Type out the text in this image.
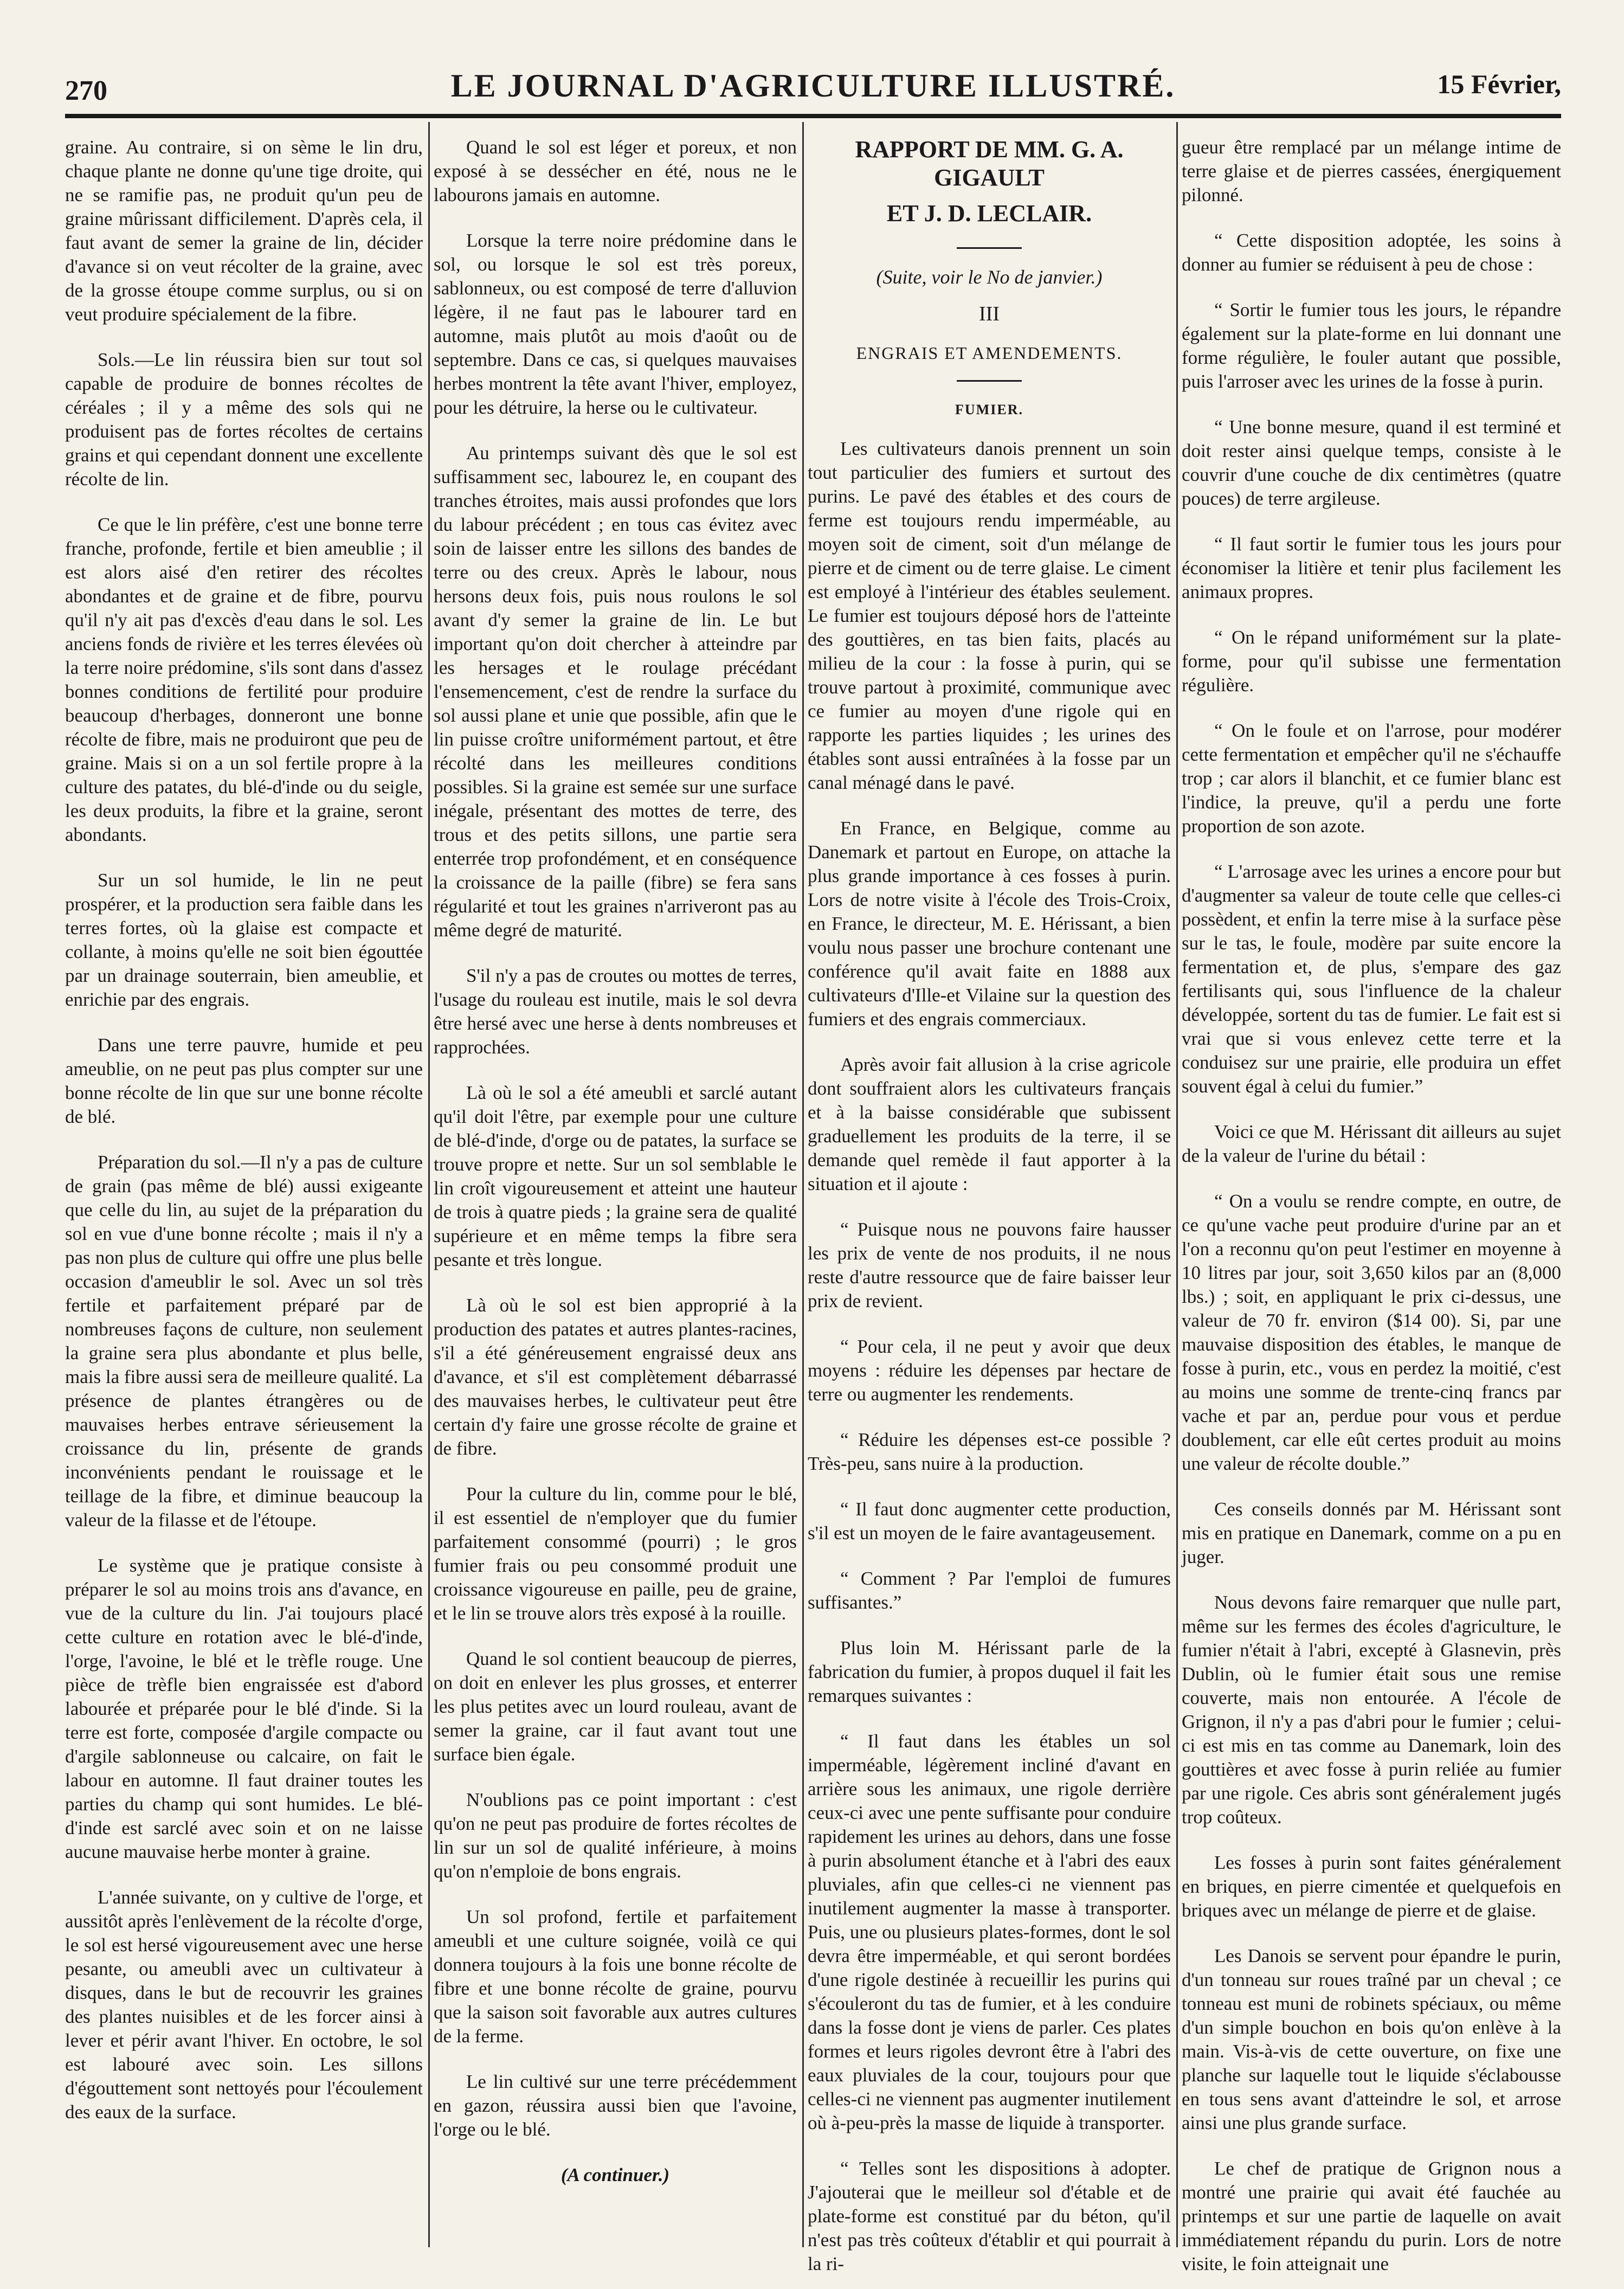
270	LE JOURNAL D'AGRICULTURE ILLUSTRÉ.	15 Février,

graine. Au contraire, si on sème le lin dru, chaque plante ne donne qu'une tige droite, qui ne se ramifie pas, ne produit qu'un peu de graine mûrissant difficilement. D'après cela, il faut avant de semer la graine de lin, décider d'avance si on veut récolter de la graine, avec de la grosse étoupe comme surplus, ou si on veut produire spécialement de la fibre.

Sols.—Le lin réussira bien sur tout sol capable de produire de bonnes récoltes de céréales ; il y a même des sols qui ne produisent pas de fortes récoltes de certains grains et qui cependant donnent une excellente récolte de lin.

Ce que le lin préfère, c'est une bonne terre franche, profonde, fertile et bien ameublie ; il est alors aisé d'en retirer des récoltes abondantes et de graine et de fibre, pourvu qu'il n'y ait pas d'excès d'eau dans le sol. Les anciens fonds de rivière et les terres élevées où la terre noire prédomine, s'ils sont dans d'assez bonnes conditions de fertilité pour produire beaucoup d'herbages, donneront une bonne récolte de fibre, mais ne produiront que peu de graine. Mais si on a un sol fertile propre à la culture des patates, du blé-d'inde ou du seigle, les deux produits, la fibre et la graine, seront abondants.

Sur un sol humide, le lin ne peut prospérer, et la production sera faible dans les terres fortes, où la glaise est compacte et collante, à moins qu'elle ne soit bien égouttée par un drainage souterrain, bien ameublie, et enrichie par des engrais.

Dans une terre pauvre, humide et peu ameublie, on ne peut pas plus compter sur une bonne récolte de lin que sur une bonne récolte de blé.

Préparation du sol.—Il n'y a pas de culture de grain (pas même de blé) aussi exigeante que celle du lin, au sujet de la préparation du sol en vue d'une bonne récolte ; mais il n'y a pas non plus de culture qui offre une plus belle occasion d'ameublir le sol. Avec un sol très fertile et parfaitement préparé par de nombreuses façons de culture, non seulement la graine sera plus abondante et plus belle, mais la fibre aussi sera de meilleure qualité. La présence de plantes étrangères ou de mauvaises herbes entrave sérieusement la croissance du lin, présente de grands inconvénients pendant le rouissage et le teillage de la fibre, et diminue beaucoup la valeur de la filasse et de l'étoupe.

Le système que je pratique consiste à préparer le sol au moins trois ans d'avance, en vue de la culture du lin. J'ai toujours placé cette culture en rotation avec le blé-d'inde, l'orge, l'avoine, le blé et le trèfle rouge. Une pièce de trèfle bien engraissée est d'abord labourée et préparée pour le blé d'inde. Si la terre est forte, composée d'argile compacte ou d'argile sablonneuse ou calcaire, on fait le labour en automne. Il faut drainer toutes les parties du champ qui sont humides. Le blé-d'inde est sarclé avec soin et on ne laisse aucune mauvaise herbe monter à graine.

L'année suivante, on y cultive de l'orge, et aussitôt après l'enlèvement de la récolte d'orge, le sol est hersé vigoureusement avec une herse pesante, ou ameubli avec un cultivateur à disques, dans le but de recouvrir les graines des plantes nuisibles et de les forcer ainsi à lever et périr avant l'hiver. En octobre, le sol est labouré avec soin. Les sillons d'égouttement sont nettoyés pour l'écoulement des eaux de la surface.

Quand le sol est léger et poreux, et non exposé à se dessécher en été, nous ne le labourons jamais en automne.

Lorsque la terre noire prédomine dans le sol, ou lorsque le sol est très poreux, sablonneux, ou est composé de terre d'alluvion légère, il ne faut pas le labourer tard en automne, mais plutôt au mois d'août ou de septembre. Dans ce cas, si quelques mauvaises herbes montrent la tête avant l'hiver, employez, pour les détruire, la herse ou le cultivateur.

Au printemps suivant dès que le sol est suffisamment sec, labourez le, en coupant des tranches étroites, mais aussi profondes que lors du labour précédent ; en tous cas évitez avec soin de laisser entre les sillons des bandes de terre ou des creux. Après le labour, nous hersons deux fois, puis nous roulons le sol avant d'y semer la graine de lin. Le but important qu'on doit chercher à atteindre par les hersages et le roulage précédant l'ensemencement, c'est de rendre la surface du sol aussi plane et unie que possible, afin que le lin puisse croître uniformément partout, et être récolté dans les meilleures conditions possibles. Si la graine est semée sur une surface inégale, présentant des mottes de terre, des trous et des petits sillons, une partie sera enterrée trop profondément, et en conséquence la croissance de la paille (fibre) se fera sans régularité et tout les graines n'arriveront pas au même degré de maturité.

S'il n'y a pas de croutes ou mottes de terres, l'usage du rouleau est inutile, mais le sol devra être hersé avec une herse à dents nombreuses et rapprochées.

Là où le sol a été ameubli et sarclé autant qu'il doit l'être, par exemple pour une culture de blé-d'inde, d'orge ou de patates, la surface se trouve propre et nette. Sur un sol semblable le lin croît vigoureusement et atteint une hauteur de trois à quatre pieds ; la graine sera de qualité supérieure et en même temps la fibre sera pesante et très longue.

Là où le sol est bien approprié à la production des patates et autres plantes-racines, s'il a été généreusement engraissé deux ans d'avance, et s'il est complètement débarrassé des mauvaises herbes, le cultivateur peut être certain d'y faire une grosse récolte de graine et de fibre.

Pour la culture du lin, comme pour le blé, il est essentiel de n'employer que du fumier parfaitement consommé (pourri) ; le gros fumier frais ou peu consommé produit une croissance vigoureuse en paille, peu de graine, et le lin se trouve alors très exposé à la rouille.

Quand le sol contient beaucoup de pierres, on doit en enlever les plus grosses, et enterrer les plus petites avec un lourd rouleau, avant de semer la graine, car il faut avant tout une surface bien égale.

N'oublions pas ce point important : c'est qu'on ne peut pas produire de fortes récoltes de lin sur un sol de qualité inférieure, à moins qu'on n'emploie de bons engrais.

Un sol profond, fertile et parfaitement ameubli et une culture soignée, voilà ce qui donnera toujours à la fois une bonne récolte de fibre et une bonne récolte de graine, pourvu que la saison soit favorable aux autres cultures de la ferme.

Le lin cultivé sur une terre précédemment en gazon, réussira aussi bien que l'avoine, l'orge ou le blé.

(A continuer.)
RAPPORT DE MM. G. A. GIGAULT
ET J. D. LECLAIR.
(Suite, voir le No de janvier.)
III
ENGRAIS ET AMENDEMENTS.
FUMIER.

Les cultivateurs danois prennent un soin tout particulier des fumiers et surtout des purins. Le pavé des étables et des cours de ferme est toujours rendu imperméable, au moyen soit de ciment, soit d'un mélange de pierre et de ciment ou de terre glaise. Le ciment est employé à l'intérieur des étables seulement. Le fumier est toujours déposé hors de l'atteinte des gouttières, en tas bien faits, placés au milieu de la cour : la fosse à purin, qui se trouve partout à proximité, communique avec ce fumier au moyen d'une rigole qui en rapporte les parties liquides ; les urines des étables sont aussi entraînées à la fosse par un canal ménagé dans le pavé.

En France, en Belgique, comme au Danemark et partout en Europe, on attache la plus grande importance à ces fosses à purin. Lors de notre visite à l'école des Trois-Croix, en France, le directeur, M. E. Hérissant, a bien voulu nous passer une brochure contenant une conférence qu'il avait faite en 1888 aux cultivateurs d'Ille-et Vilaine sur la question des fumiers et des engrais commerciaux.

Après avoir fait allusion à la crise agricole dont souffraient alors les cultivateurs français et à la baisse considérable que subissent graduellement les produits de la terre, il se demande quel remède il faut apporter à la situation et il ajoute :

“ Puisque nous ne pouvons faire hausser les prix de vente de nos produits, il ne nous reste d'autre ressource que de faire baisser leur prix de revient.

“ Pour cela, il ne peut y avoir que deux moyens : réduire les dépenses par hectare de terre ou augmenter les rendements.

“ Réduire les dépenses est-ce possible ? Très-peu, sans nuire à la production.

“ Il faut donc augmenter cette production, s'il est un moyen de le faire avantageusement.

“ Comment ? Par l'emploi de fumures suffisantes.”

Plus loin M. Hérissant parle de la fabrication du fumier, à propos duquel il fait les remarques suivantes :

“ Il faut dans les étables un sol imperméable, légèrement incliné d'avant en arrière sous les animaux, une rigole derrière ceux-ci avec une pente suffisante pour conduire rapidement les urines au dehors, dans une fosse à purin absolument étanche et à l'abri des eaux pluviales, afin que celles-ci ne viennent pas inutilement augmenter la masse à transporter. Puis, une ou plusieurs plates-formes, dont le sol devra être imperméable, et qui seront bordées d'une rigole destinée à recueillir les purins qui s'écouleront du tas de fumier, et à les conduire dans la fosse dont je viens de parler. Ces plates formes et leurs rigoles devront être à l'abri des eaux pluviales de la cour, toujours pour que celles-ci ne viennent pas augmenter inutilement où à-peu-près la masse de liquide à transporter.

“ Telles sont les dispositions à adopter. J'ajouterai que le meilleur sol d'étable et de plate-forme est constitué par du béton, qu'il n'est pas très coûteux d'établir et qui pourrait à la ri-

gueur être remplacé par un mélange intime de terre glaise et de pierres cassées, énergiquement pilonné.

“ Cette disposition adoptée, les soins à donner au fumier se réduisent à peu de chose :

“ Sortir le fumier tous les jours, le répandre également sur la plate-forme en lui donnant une forme régulière, le fouler autant que possible, puis l'arroser avec les urines de la fosse à purin.

“ Une bonne mesure, quand il est terminé et doit rester ainsi quelque temps, consiste à le couvrir d'une couche de dix centimètres (quatre pouces) de terre argileuse.

“ Il faut sortir le fumier tous les jours pour économiser la litière et tenir plus facilement les animaux propres.

“ On le répand uniformément sur la plate-forme, pour qu'il subisse une fermentation régulière.

“ On le foule et on l'arrose, pour modérer cette fermentation et empêcher qu'il ne s'échauffe trop ; car alors il blanchit, et ce fumier blanc est l'indice, la preuve, qu'il a perdu une forte proportion de son azote.

“ L'arrosage avec les urines a encore pour but d'augmenter sa valeur de toute celle que celles-ci possèdent, et enfin la terre mise à la surface pèse sur le tas, le foule, modère par suite encore la fermentation et, de plus, s'empare des gaz fertilisants qui, sous l'influence de la chaleur développée, sortent du tas de fumier. Le fait est si vrai que si vous enlevez cette terre et la conduisez sur une prairie, elle produira un effet souvent égal à celui du fumier.”

Voici ce que M. Hérissant dit ailleurs au sujet de la valeur de l'urine du bétail :

“ On a voulu se rendre compte, en outre, de ce qu'une vache peut produire d'urine par an et l'on a reconnu qu'on peut l'estimer en moyenne à 10 litres par jour, soit 3,650 kilos par an (8,000 lbs.) ; soit, en appliquant le prix ci-dessus, une valeur de 70 fr. environ ($14 00). Si, par une mauvaise disposition des étables, le manque de fosse à purin, etc., vous en perdez la moitié, c'est au moins une somme de trente-cinq francs par vache et par an, perdue pour vous et perdue doublement, car elle eût certes produit au moins une valeur de récolte double.”

Ces conseils donnés par M. Hérissant sont mis en pratique en Danemark, comme on a pu en juger.

Nous devons faire remarquer que nulle part, même sur les fermes des écoles d'agriculture, le fumier n'était à l'abri, excepté à Glasnevin, près Dublin, où le fumier était sous une remise couverte, mais non entourée. A l'école de Grignon, il n'y a pas d'abri pour le fumier ; celui-ci est mis en tas comme au Danemark, loin des gouttières et avec fosse à purin reliée au fumier par une rigole. Ces abris sont généralement jugés trop coûteux.

Les fosses à purin sont faites généralement en briques, en pierre cimentée et quelquefois en briques avec un mélange de pierre et de glaise.

Les Danois se servent pour épandre le purin, d'un tonneau sur roues traîné par un cheval ; ce tonneau est muni de robinets spéciaux, ou même d'un simple bouchon en bois qu'on enlève à la main. Vis-à-vis de cette ouverture, on fixe une planche sur laquelle tout le liquide s'éclabousse en tous sens avant d'atteindre le sol, et arrose ainsi une plus grande surface.

Le chef de pratique de Grignon nous a montré une prairie qui avait été fauchée au printemps et sur une partie de laquelle on avait immédiatement répandu du purin. Lors de notre visite, le foin atteignait une
